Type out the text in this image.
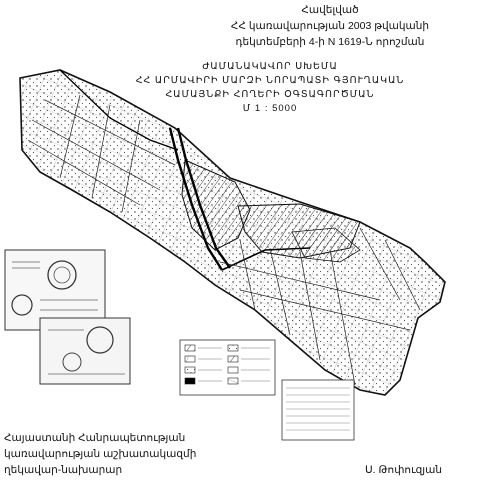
Հավելված
ՀՀ կառավարության 2003 թվականի
դեկտեմբերի 4-ի N 1619-Ն որոշման
ԺԱՄԱՆԱԿԱՎՈՐ ՍԽԵՄԱ
ՀՀ ԱՐՄԱՎԻՐԻ ՄԱՐԶԻ ՆՈՐԱՊԱՏԻ ԳՅՈՒՂԱԿԱՆ
ՀԱՄԱՅՆՔԻ ՀՈՂԵՐԻ ՕԳՏԱԳՈՐԾՄԱՆ
Մ 1 : 5000
Հայաստանի Հանրապետության
կառավարության աշխատակազմի
ղեկավար-նախարար	Ս. Թոփուզյան
